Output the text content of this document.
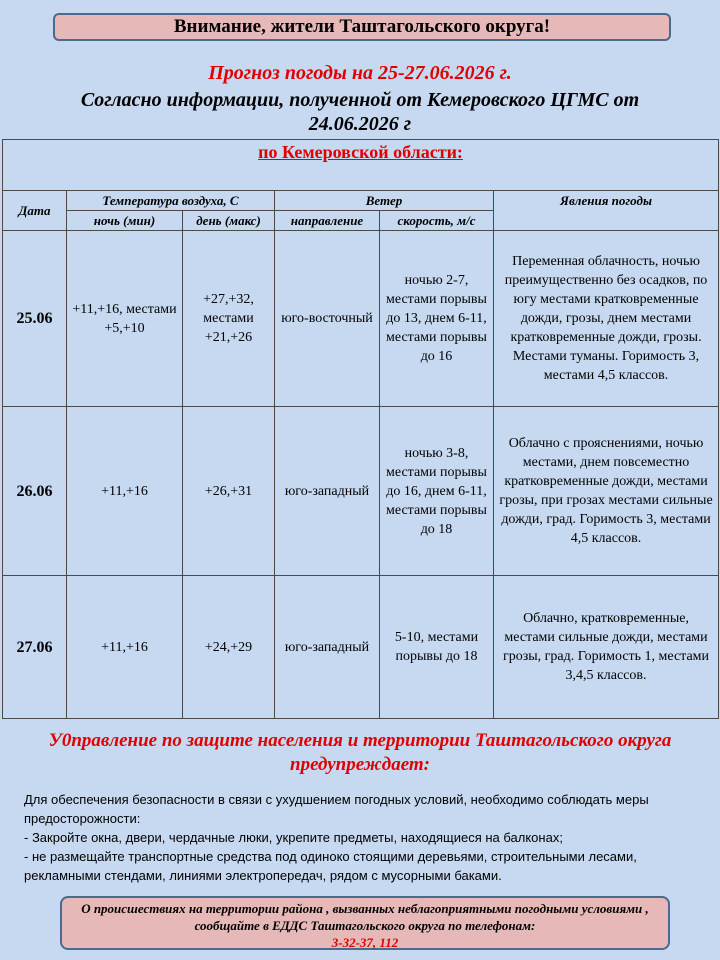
Внимание, жители Таштагольского округа!
Прогноз погоды на 25-27.06.2026 г.
Согласно информации, полученной от Кемеровского ЦГМС от 24.06.2026 г
по Кемеровской области:					
Дата	Температура воздуха, С		Ветер		Явления погоды
	ночь (мин)	день (макс)	направление	скорость, м/с	
25.06	+11,+16, местами +5,+10	+27,+32, местами +21,+26	юго-восточный	ночью 2-7, местами порывы до 13, днем 6-11, местами порывы до 16	Переменная облачность, ночью преимущественно без осадков, по югу местами кратковременные дожди, грозы, днем местами кратковременные дожди, грозы. Местами туманы. Горимость 3, местами 4,5 классов.
26.06	+11,+16	+26,+31	юго-западный	ночью 3-8, местами порывы до 16, днем 6-11, местами порывы до 18	Облачно с прояснениями, ночью местами, днем повсеместно кратковременные дожди, местами грозы, при грозах местами сильные дожди, град. Горимость 3, местами 4,5 классов.
27.06	+11,+16	+24,+29	юго-западный	5-10, местами порывы до 18	Облачно, кратковременные, местами сильные дожди, местами грозы, град. Горимость 1, местами 3,4,5 классов.
У0правление по защите населения и территории Таштагольского округа предупреждает:

Для обеспечения безопасности в связи с ухудшением погодных условий, необходимо соблюдать меры предосторожности:

- Закройте окна, двери, чердачные люки, укрепите предметы, находящиеся на балконах;

- не размещайте транспортные средства под одиноко стоящими деревьями, строительными лесами, рекламными стендами, линиями электропередач, рядом с мусорными баками.

О происшествиях на территории района , вызванных неблагоприятными погодными условиями , сообщайте в ЕДДС Таштагольского округа по телефонам:
3-32-37, 112
